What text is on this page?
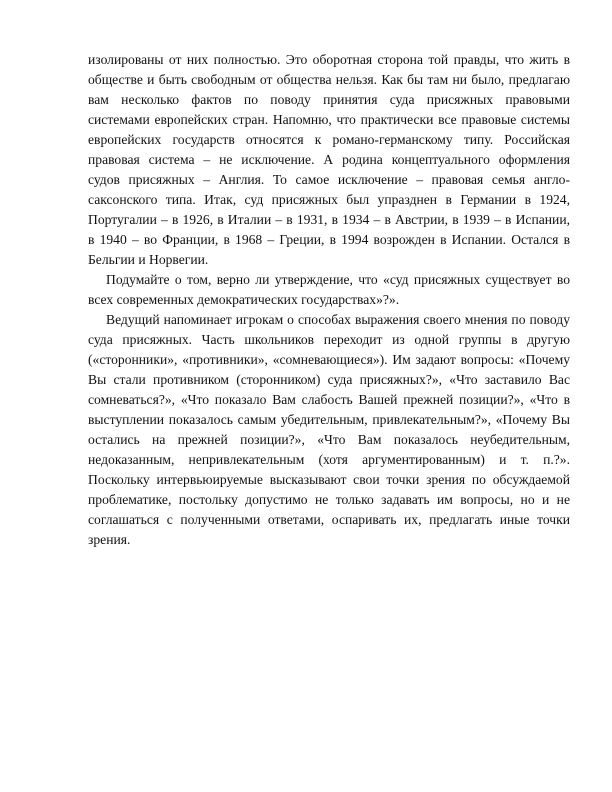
изолированы от них полностью. Это оборотная сторона той правды, что жить в
обществе и быть свободным от общества нельзя. Как бы там ни было, предлагаю
вам несколько фактов по поводу принятия суда присяжных правовыми
системами европейских стран. Напомню, что практически все правовые системы
европейских государств относятся к романо-германскому типу. Российская
правовая система – не исключение. А родина концептуального оформления
судов присяжных – Англия. То самое исключение – правовая семья англо-
саксонского типа. Итак, суд присяжных был упразднен в Германии в 1924,
Португалии – в 1926, в Италии – в 1931, в 1934 – в Австрии, в 1939 – в Испании,
в 1940 – во Франции, в 1968 – Греции, в 1994 возрожден в Испании. Остался в
Бельгии и Норвегии.
Подумайте о том, верно ли утверждение, что «суд присяжных существует во
всех современных демократических государствах»?».
Ведущий напоминает игрокам о способах выражения своего мнения по поводу
суда присяжных. Часть школьников переходит из одной группы в другую
(«сторонники», «противники», «сомневающиеся»). Им задают вопросы: «Почему
Вы стали противником (сторонником) суда присяжных?», «Что заставило Вас
сомневаться?», «Что показало Вам слабость Вашей прежней позиции?», «Что в
выступлении показалось самым убедительным, привлекательным?», «Почему Вы
остались на прежней позиции?», «Что Вам показалось неубедительным,
недоказанным, непривлекательным (хотя аргументированным) и т. п.?».
Поскольку интервьюируемые высказывают свои точки зрения по обсуждаемой
проблематике, постольку допустимо не только задавать им вопросы, но и не
соглашаться с полученными ответами, оспаривать их, предлагать иные точки
зрения.
